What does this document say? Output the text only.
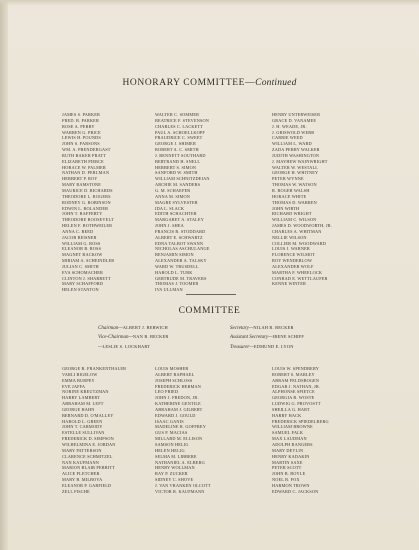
HONORARY COMMITTEE—Continued
JAMES S. PARKER
FRED. B. PARKER
ROSE A. PERRY
WARREN G. PRICE
LEWIS H. POUNDS
JOHN S. PARSONS
WM. A. PRENDERGAST
RUTH BAKER PRATT
ELIZABETH PIERCE
HORACE W. PALMER
NATHAN D. PERLMAN
HERBERT P. ROY
MARY RAMSTONE
MAURICE D. RICHARDS
THEODORE L. ROGERS
RODNEY G. ROBINSON
EDWIN L. ROLANDER
JOHN T. RAFFERTY
THEODORE ROOSEVELT
HELEN F. ROTHWEILER
ANNA C. REED
JACOB REISNER
WILLIAM G. ROSS
ELEANOR B. ROSS
MAGNET RACKOW
MIRIAM A. SCHEINDLER
JULIAN C. SMITH
EVA SCHOMACHER
CLINTON J. SHARRETT
MARY SCHAFFORD
HELEN STANTON
WALTER C. SOMMER
BEATRICE F. STEVENSON
CHARLES C. LACKETT
PAUL A. SCHOELLKOPF
FRAUDRICE C. SWEET
GEORGE J. SHIMER
ROBERT A. C. SMITH
J. BENNETT SOUTHARD
BERTRAND H. SNELL
HERBERT S. SIMON
SANFORD W. SMITH
WILLIAM SCHNITZDEIAN
ARCHIE M. SANDERS
G. M. SCHAEFER
ANNA M. SIMON
MAGRE SYLVESTER
IDA L. SLACK
EDITH SCHACHTER
MARGARET A. STALEY
JOHN J. SHEA
FRANCIS R. STODDARD
ALBERT E. SCHWARTZ
EDNA TALBOT SWANN
NICHOLAS ASCHULANGE
BENJAMIN SIMON
ALEXANDER A. TALSKY
WARD W. TRUSDELL
HAROLD L. TURK
GERTRUDE M. TRAVERS
THOMAS J. TOOMER
IVA ULLMAN
HENRY UNTERWEISER
GRACE D. VANAMEE
J. H. WEADE, JR.
J. GRISWOLD WEBB
CARRIE WEED
WILLIAM L. WARD
ZADA PERRY WALKER
JUDITH WASHINGTON
J. MAYHEW WAINWRIGHT
WALTER W. WESTALL
GEORGE H. WHITNEY
PETER WYNNE
THOMAS W. WATSON
R. ROGER WALSH
HORACE WHITE
THOMAS D. WARREN
JOHN WIRTH
RICHARD WRIGHT
WILLIAM C. WILSON
JAMES D. WOODWORTH, JR.
CHARLES A. WHITMAN
NELLIE WILSON
COLLIER M. WOODWARD
LOUIS J. WARNER
FLORENCE WILMOT
ROY WENDERLOW
ALEXANDER WOLF
MARTHA F. WHEELOCK
CONRAD E. WETTLAUFER
KENNE WINTER
COMMITTEE
Chairman—ALBERT J. BERWICH
Vice-Chairman—NAN B. BECKER
—LESLIE S. LOCKHART
Secretary—NILAH R. BECKER
Assistant Secretary—IRENE SCHIFF
Treasurer—EDMUND E. LYON
GEORGE B. FRANKENTHALER
VARLI BIGELOW
EMMA BURPEY
EVE JAFFA
NORINE KREUTZMAN
HARRY LAMBERT
ABRAHAM M. LEFT
GEORGE HAHN
BERNARD D. O'MALLEY
HAROLD L. GREEN
JOHN T. CARMODY
ESTELLE SULLIVAN
FREDERICK D. SIMPSON
WILHELMINA E. JORDAN
MARY PATTERSON
CLARENCE SCHMITZEL
NAN KAUFMANN
MARION BLAIR PERRITT
ALICE FLETCHER
MARY B. MILBOVA
ELEANOR P. GARFIELD
ZELL FISCHE
LOUIS MOSHER
ALBERT RAPHAEL
JOSEPH SCHLOSS
FREDERICK HERMAN
LEO FRIED
JOHN J. FREDON, JR.
KATHERINE GENTILE
ABRAHAM J. GILBERT
EDWARD J. GOULD
ISAAC GANIS
MADELINE R. GOFFREY
GUS P. MACIAS
MILLARD M. ELLISON
SAMSON HELIG
HELEN HELIG
SELMA M. LIBBERE
NATHANIEL A. ELBERG
HENRY WOLLMAN
RAY P. ZUCKER
SIDNEY C. SHOVE
J. VAN VRANKEN OLCOTT
VICTOR R. KAUFMANN
LOUIS W. SPENDBERY
ROBERT S. MARLEY
ABRAM FELDSBOGEN
EDGAR J. NATHAN, JR.
ALPHONSE SPIETCE
GEORGIA B. WOSTE
LUDWIG G. PROVOSTT
SHEILLA G. HART
HARRY HACK
FREDERICK SPIEDELBERG
WILLIAM BROWNE
SAMUEL FALK
MAX LAUDMAN
ADOLPH RANGERS
MARY DEVLIN
HENRY KADAKIN
MARTIN SAXE
PETER SCOTT
JOHN B. BOYLE
NOEL B. FOX
HARMON TROWN
EDWARD C. JACKSON
